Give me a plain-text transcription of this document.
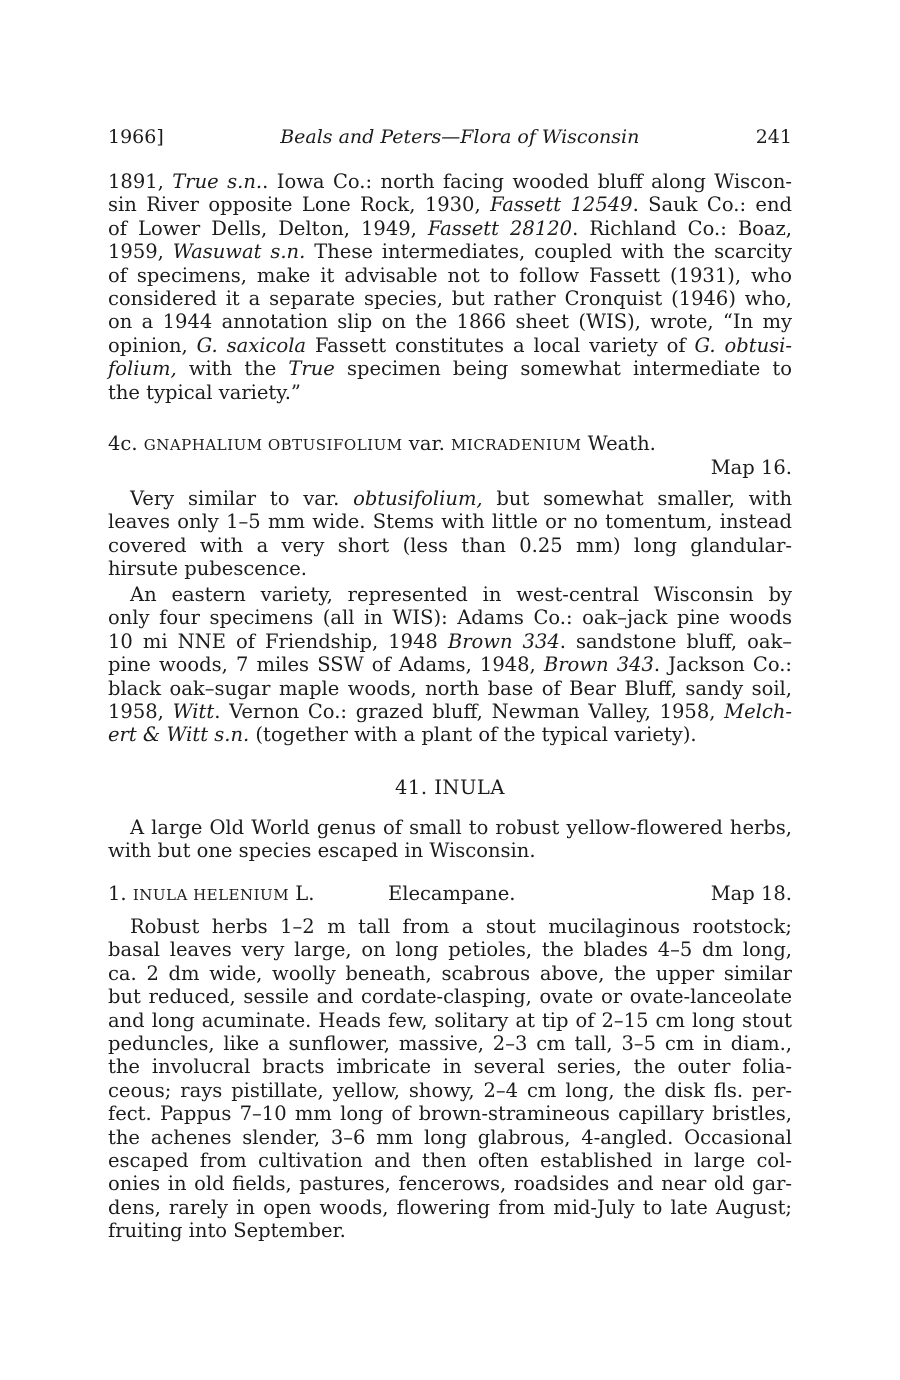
1966]	Beals and Peters—Flora of Wisconsin	241
1891, True s.n.. Iowa Co.: north facing wooded bluff along Wiscon-
sin River opposite Lone Rock, 1930, Fassett 12549. Sauk Co.: end
of Lower Dells, Delton, 1949, Fassett 28120. Richland Co.: Boaz,
1959, Wasuwat s.n. These intermediates, coupled with the scarcity
of specimens, make it advisable not to follow Fassett (1931), who
considered it a separate species, but rather Cronquist (1946) who,
on a 1944 annotation slip on the 1866 sheet (WIS), wrote, “In my
opinion, G. saxicola Fassett constitutes a local variety of G. obtusi-
folium, with the True specimen being somewhat intermediate to
the typical variety.”
4c. GNAPHALIUM OBTUSIFOLIUM var. MICRADENIUM Weath.
Map 16.
Very similar to var. obtusifolium, but somewhat smaller, with
leaves only 1–5 mm wide. Stems with little or no tomentum, instead
covered with a very short (less than 0.25 mm) long glandular-
hirsute pubescence.
An eastern variety, represented in west-central Wisconsin by
only four specimens (all in WIS): Adams Co.: oak–jack pine woods
10 mi NNE of Friendship, 1948 Brown 334. sandstone bluff, oak–
pine woods, 7 miles SSW of Adams, 1948, Brown 343. Jackson Co.:
black oak–sugar maple woods, north base of Bear Bluff, sandy soil,
1958, Witt. Vernon Co.: grazed bluff, Newman Valley, 1958, Melch-
ert & Witt s.n. (together with a plant of the typical variety).
41. INULA
A large Old World genus of small to robust yellow-flowered herbs,
with but one species escaped in Wisconsin.
1. INULA HELENIUM L.	Elecampane.	Map 18.
Robust herbs 1–2 m tall from a stout mucilaginous rootstock;
basal leaves very large, on long petioles, the blades 4–5 dm long,
ca. 2 dm wide, woolly beneath, scabrous above, the upper similar
but reduced, sessile and cordate-clasping, ovate or ovate-lanceolate
and long acuminate. Heads few, solitary at tip of 2–15 cm long stout
peduncles, like a sunflower, massive, 2–3 cm tall, 3–5 cm in diam.,
the involucral bracts imbricate in several series, the outer folia-
ceous; rays pistillate, yellow, showy, 2–4 cm long, the disk fls. per-
fect. Pappus 7–10 mm long of brown-stramineous capillary bristles,
the achenes slender, 3–6 mm long glabrous, 4-angled. Occasional
escaped from cultivation and then often established in large col-
onies in old fields, pastures, fencerows, roadsides and near old gar-
dens, rarely in open woods, flowering from mid-July to late August;
fruiting into September.
